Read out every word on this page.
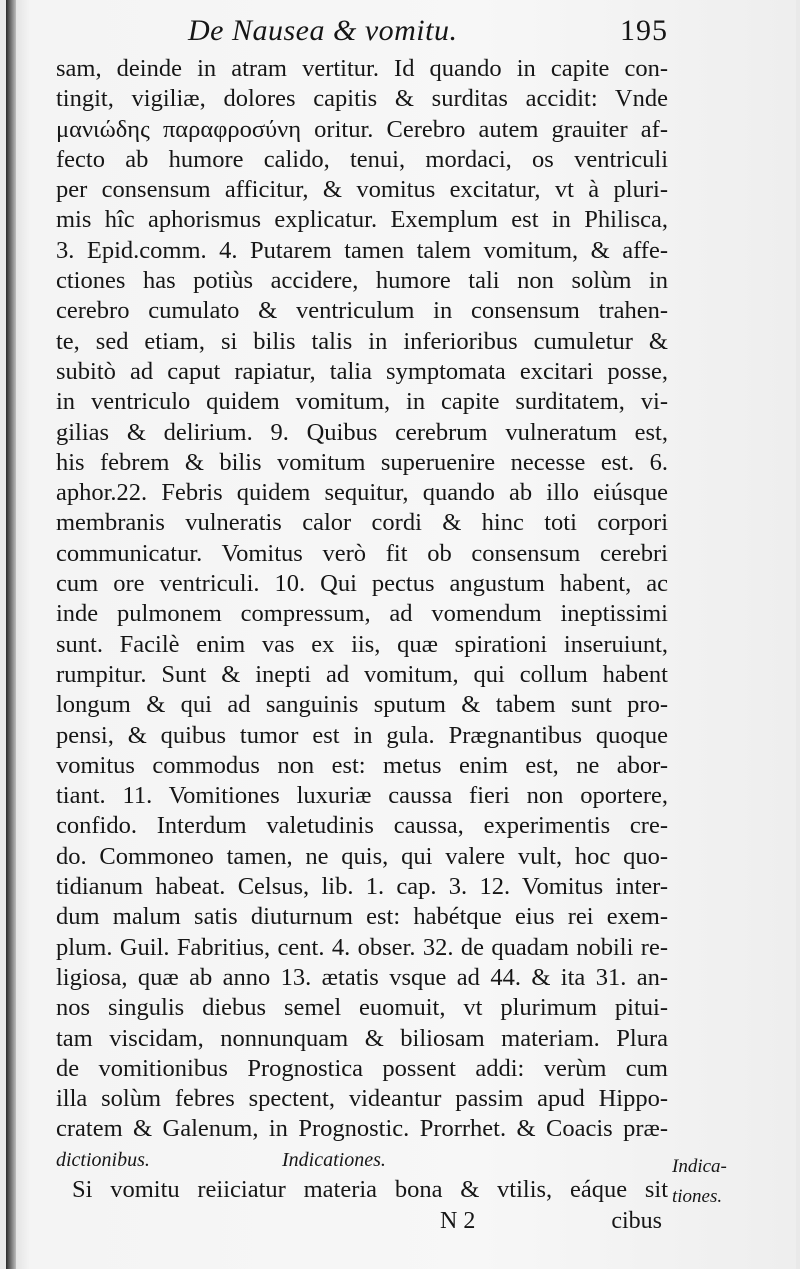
De Nausea & vomitu.	195
sam, deinde in atram vertitur. Id quando in capite con-
tingit, vigiliæ, dolores capitis & surditas accidit: Vnde
μανιώδης παραφροσύνη oritur. Cerebro autem grauiter af-
fecto ab humore calido, tenui, mordaci, os ventriculi
per consensum afficitur, & vomitus excitatur, vt à pluri-
mis hîc aphorismus explicatur. Exemplum est in Philisca,
3. Epid.comm. 4. Putarem tamen talem vomitum, & affe-
ctiones has potiùs accidere, humore tali non solùm in
cerebro cumulato & ventriculum in consensum trahen-
te, sed etiam, si bilis talis in inferioribus cumuletur &
subitò ad caput rapiatur, talia symptomata excitari posse,
in ventriculo quidem vomitum, in capite surditatem, vi-
gilias & delirium. 9. Quibus cerebrum vulneratum est,
his febrem & bilis vomitum superuenire necesse est. 6.
aphor.22. Febris quidem sequitur, quando ab illo eiúsque
membranis vulneratis calor cordi & hinc toti corpori
communicatur. Vomitus verò fit ob consensum cerebri
cum ore ventriculi. 10. Qui pectus angustum habent, ac
inde pulmonem compressum, ad vomendum ineptissimi
sunt. Facilè enim vas ex iis, quæ spirationi inseruiunt,
rumpitur. Sunt & inepti ad vomitum, qui collum habent
longum & qui ad sanguinis sputum & tabem sunt pro-
pensi, & quibus tumor est in gula. Prægnantibus quoque
vomitus commodus non est: metus enim est, ne abor-
tiant. 11. Vomitiones luxuriæ caussa fieri non oportere,
confido. Interdum valetudinis caussa, experimentis cre-
do. Commoneo tamen, ne quis, qui valere vult, hoc quo-
tidianum habeat. Celsus, lib. 1. cap. 3. 12. Vomitus inter-
dum malum satis diuturnum est: habétque eius rei exem-
plum. Guil. Fabritius, cent. 4. obser. 32. de quadam nobili re-
ligiosa, quæ ab anno 13. ætatis vsque ad 44. & ita 31. an-
nos singulis diebus semel euomuit, vt plurimum pitui-
tam viscidam, nonnunquam & biliosam materiam. Plura
de vomitionibus Prognostica possent addi: verùm cum
illa solùm febres spectent, videantur passim apud Hippo-
cratem & Galenum, in Prognostic. Prorrhet. & Coacis præ-
dictionibus.	Indicationes.
Si vomitu reiiciatur materia bona & vtilis, eáque sit
Indica-
tiones.
N 2	cibus
